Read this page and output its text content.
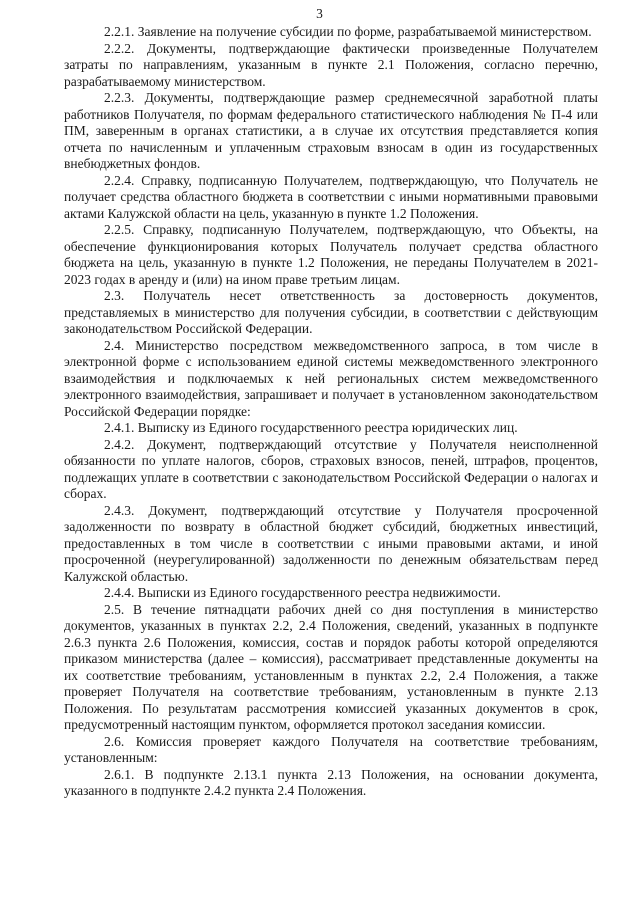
3

2.2.1. Заявление на получение субсидии по форме, разрабатываемой министерством.

2.2.2. Документы, подтверждающие фактически произведенные Получателем затраты по направлениям, указанным в пункте 2.1 Положения, согласно перечню, разрабатываемому министерством.

2.2.3. Документы, подтверждающие размер среднемесячной заработной платы работников Получателя, по формам федерального статистического наблюдения № П-4 или ПМ, заверенным в органах статистики, а в случае их отсутствия представляется копия отчета по начисленным и уплаченным страховым взносам в один из государственных внебюджетных фондов.

2.2.4. Справку, подписанную Получателем, подтверждающую, что Получатель не получает средства областного бюджета в соответствии с иными нормативными правовыми актами Калужской области на цель, указанную в пункте 1.2 Положения.

2.2.5. Справку, подписанную Получателем, подтверждающую, что Объекты, на обеспечение функционирования которых Получатель получает средства областного бюджета на цель, указанную в пункте 1.2 Положения, не переданы Получателем в 2021-2023 годах в аренду и (или) на ином праве третьим лицам.

2.3. Получатель несет ответственность за достоверность документов, представляемых в министерство для получения субсидии, в соответствии с действующим законодательством Российской Федерации.

2.4. Министерство посредством межведомственного запроса, в том числе в электронной форме с использованием единой системы межведомственного электронного взаимодействия и подключаемых к ней региональных систем межведомственного электронного взаимодействия, запрашивает и получает в установленном законодательством Российской Федерации порядке:

2.4.1. Выписку из Единого государственного реестра юридических лиц.

2.4.2. Документ, подтверждающий отсутствие у Получателя неисполненной обязанности по уплате налогов, сборов, страховых взносов, пеней, штрафов, процентов, подлежащих уплате в соответствии с законодательством Российской Федерации о налогах и сборах.

2.4.3. Документ, подтверждающий отсутствие у Получателя просроченной задолженности по возврату в областной бюджет субсидий, бюджетных инвестиций, предоставленных в том числе в соответствии с иными правовыми актами, и иной просроченной (неурегулированной) задолженности по денежным обязательствам перед Калужской областью.

2.4.4. Выписки из Единого государственного реестра недвижимости.

2.5. В течение пятнадцати рабочих дней со дня поступления в министерство документов, указанных в пунктах 2.2, 2.4 Положения, сведений, указанных в подпункте 2.6.3 пункта 2.6 Положения, комиссия, состав и порядок работы которой определяются приказом министерства (далее – комиссия), рассматривает представленные документы на их соответствие требованиям, установленным в пунктах 2.2, 2.4 Положения, а также проверяет Получателя на соответствие требованиям, установленным в пункте 2.13 Положения. По результатам рассмотрения комиссией указанных документов в срок, предусмотренный настоящим пунктом, оформляется протокол заседания комиссии.

2.6. Комиссия проверяет каждого Получателя на соответствие требованиям, установленным:

2.6.1. В подпункте 2.13.1 пункта 2.13 Положения, на основании документа, указанного в подпункте 2.4.2 пункта 2.4 Положения.
